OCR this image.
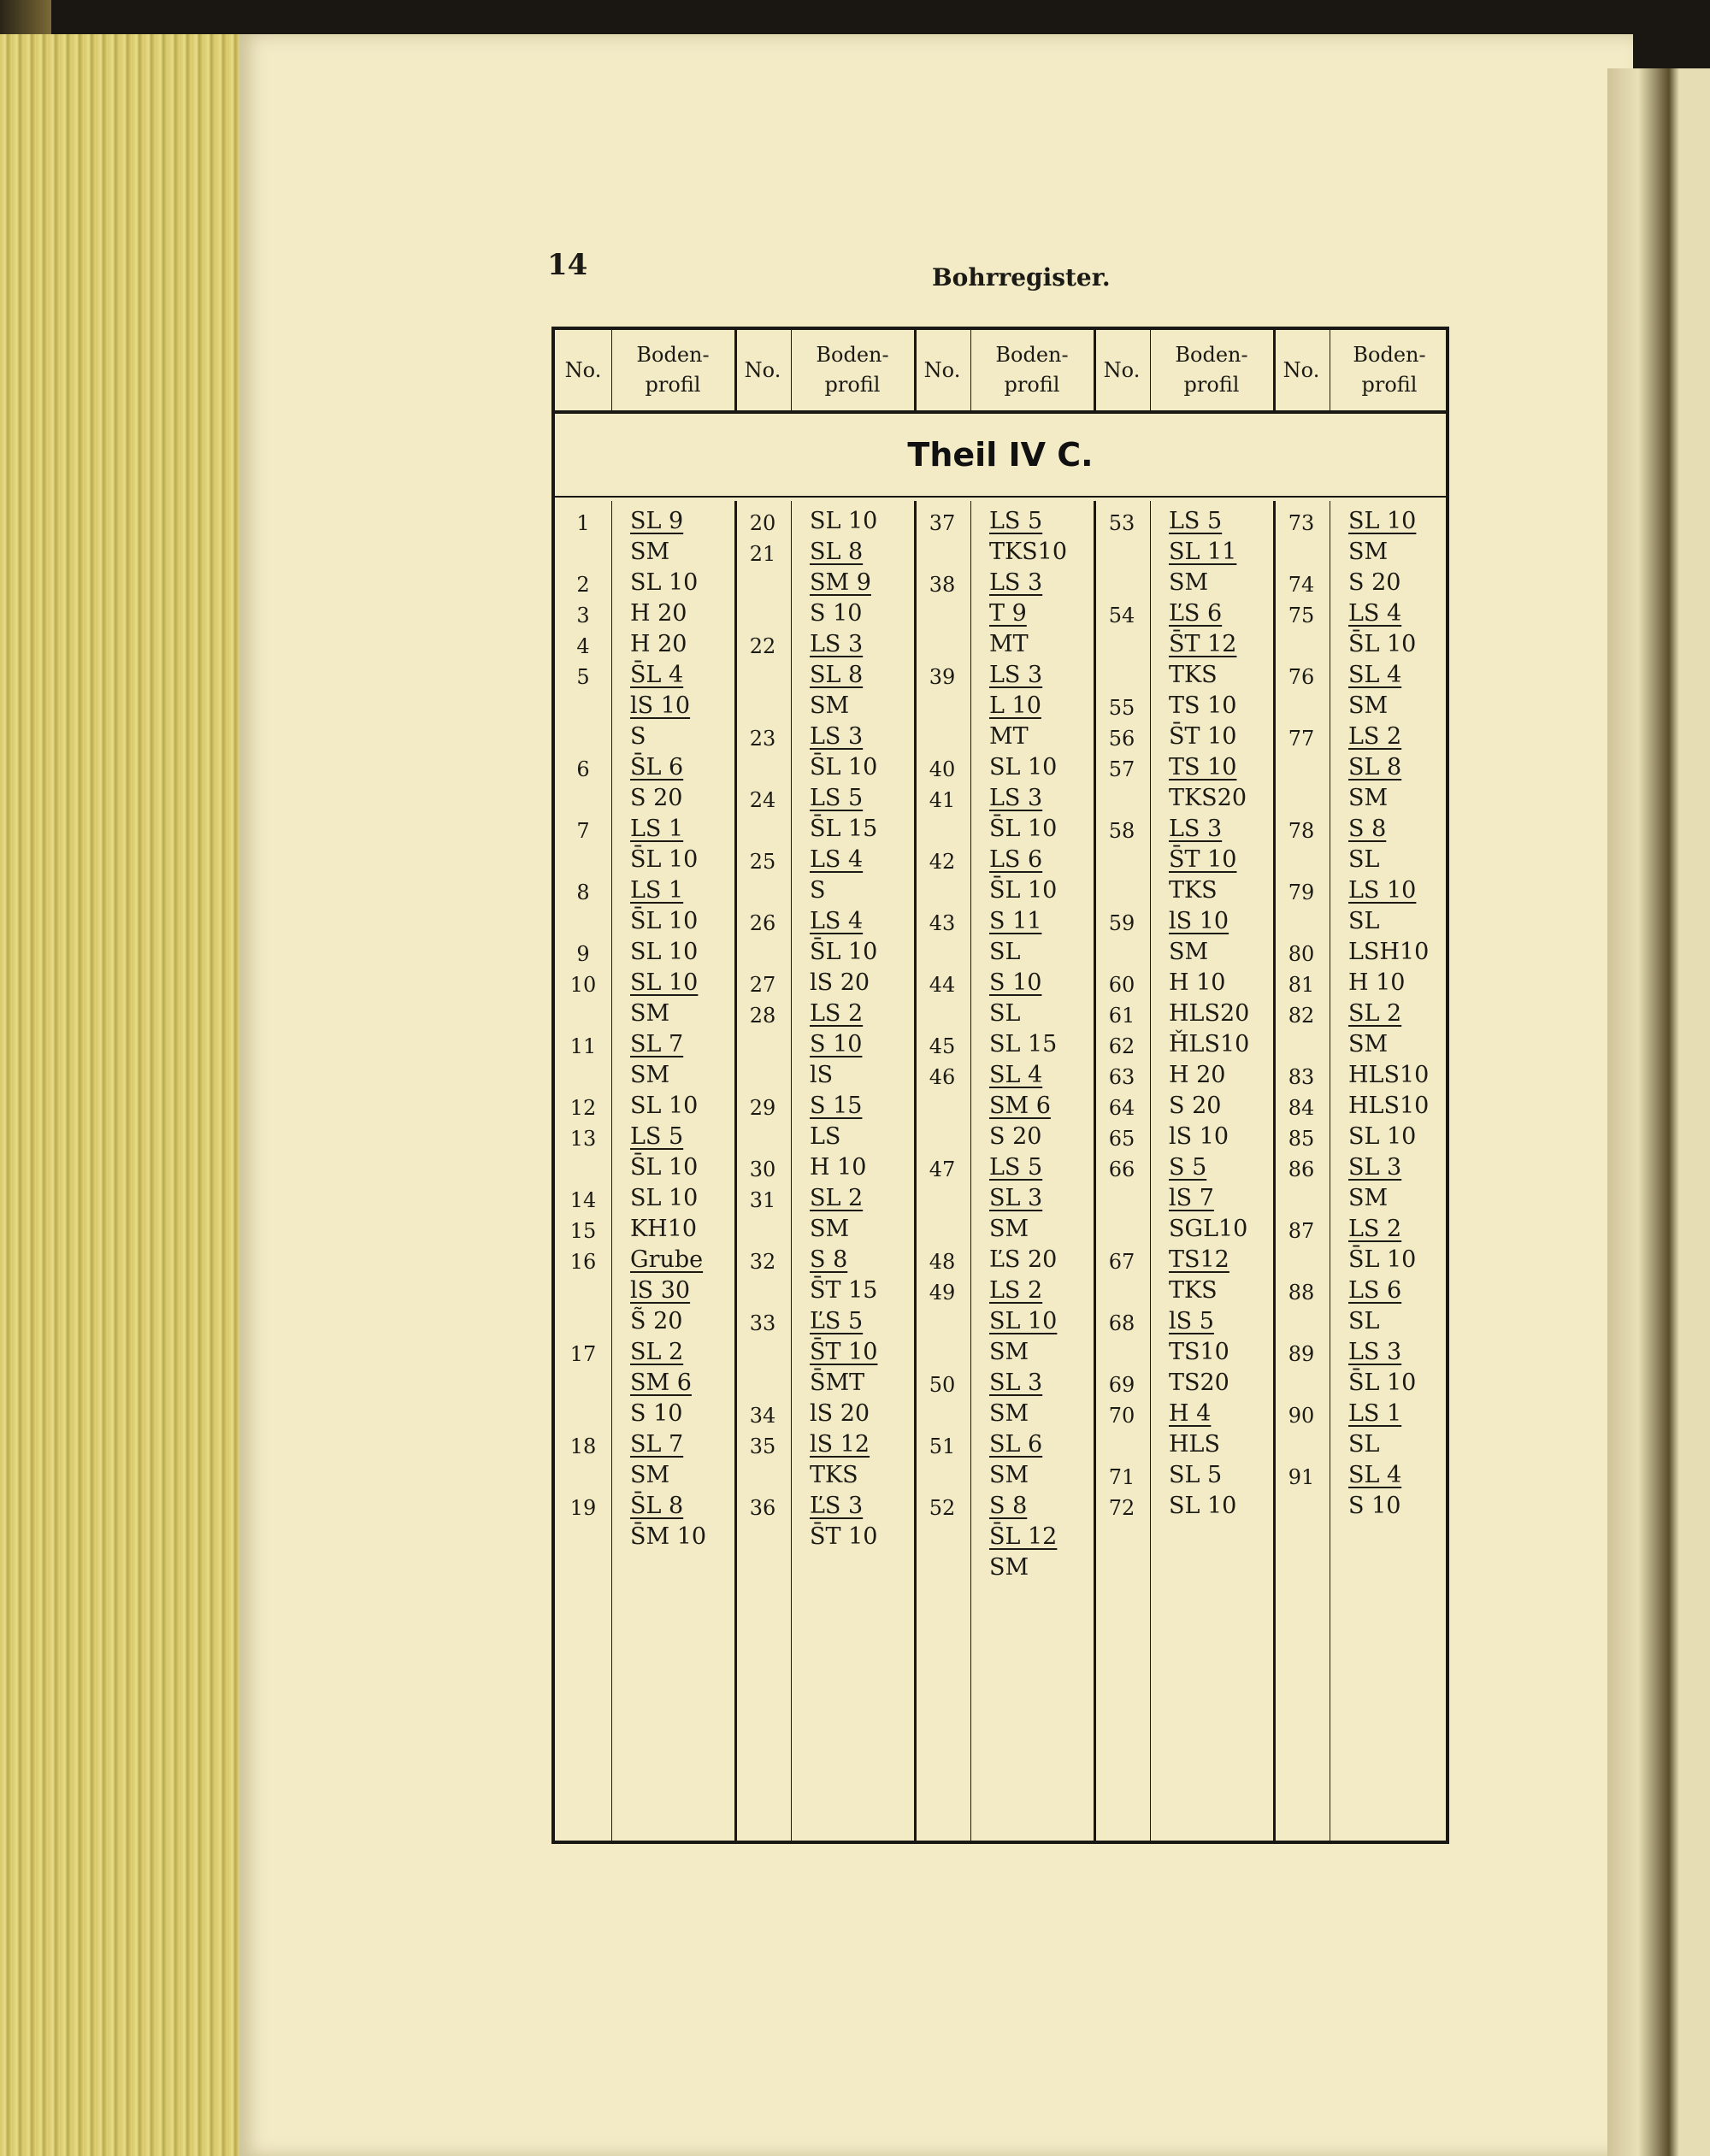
14	Bohrregister.
No.
Boden-
profil
No.
Boden-
profil
No.
Boden-
profil
No.
Boden-
profil
No.
Boden-
profil
Theil IV C.
1	SL 9
SM
2	SL 10
3	H 20
4	H 20
5	S̄L 4
lS 10
S
6	S̄L 6
S 20
7	LS 1
S̄L 10
8	LS 1
S̄L 10
9	SL 10
10	SL 10
SM
11	SL 7
SM
12	SL 10
13	LS 5
S̄L 10
14	SL 10
15	KH10
16	Grube
lS 30
S̃ 20
17	SL 2
SM 6
S 10
18	SL 7
SM
19	S̄L 8
S̄M 10
20	SL 10
21	SL 8
SM 9
S 10
22	LS 3
SL 8
SM
23	LS 3
S̄L 10
24	LS 5
S̄L 15
25	LS 4
S
26	LS 4
S̄L 10
27	lS 20
28	LS 2
S 10
lS
29	S 15
LS
30	H 10
31	SL 2
SM
32	S 8
S̄T 15
33	ĽS 5
S̄T 10
S̄MT
34	lS 20
35	lS 12
TKS
36	ĽS 3
S̄T 10
37	LS 5
TKS10
38	LS 3
T 9
MT
39	LS 3
L 10
MT
40	SL 10
41	LS 3
S̄L 10
42	LS 6
S̄L 10
43	S 11
SL
44	S 10
SL
45	SL 15
46	SL 4
SM 6
S 20
47	LS 5
SL 3
SM
48	ĽS 20
49	LS 2
SL 10
SM
50	SL 3
SM
51	SL 6
SM
52	S 8
S̄L 12
SM
53	LS 5
SL 11
SM
54	ĽS 6
S̄T 12
TKS
55	TS 10
56	S̄T 10
57	TS 10
TKS20
58	LS 3
S̄T 10
TKS
59	lS 10
SM
60	H 10
61	HLS20
62	ȞLS10
63	H 20
64	S 20
65	lS 10
66	S 5
lS 7
SGL10
67	TS12
TKS
68	lS 5
TS10
69	TS20
70	H 4
HLS
71	SL 5
72	SL 10
73	SL 10
SM
74	S 20
75	LS 4
S̄L 10
76	SL 4
SM
77	LS 2
SL 8
SM
78	S 8
SL
79	LS 10
SL
80	LSH10
81	H 10
82	SL 2
SM
83	HLS10
84	HLS10
85	SL 10
86	SL 3
SM
87	LS 2
S̄L 10
88	LS 6
SL
89	LS 3
S̄L 10
90	LS 1
SL
91	SL 4
S 10
